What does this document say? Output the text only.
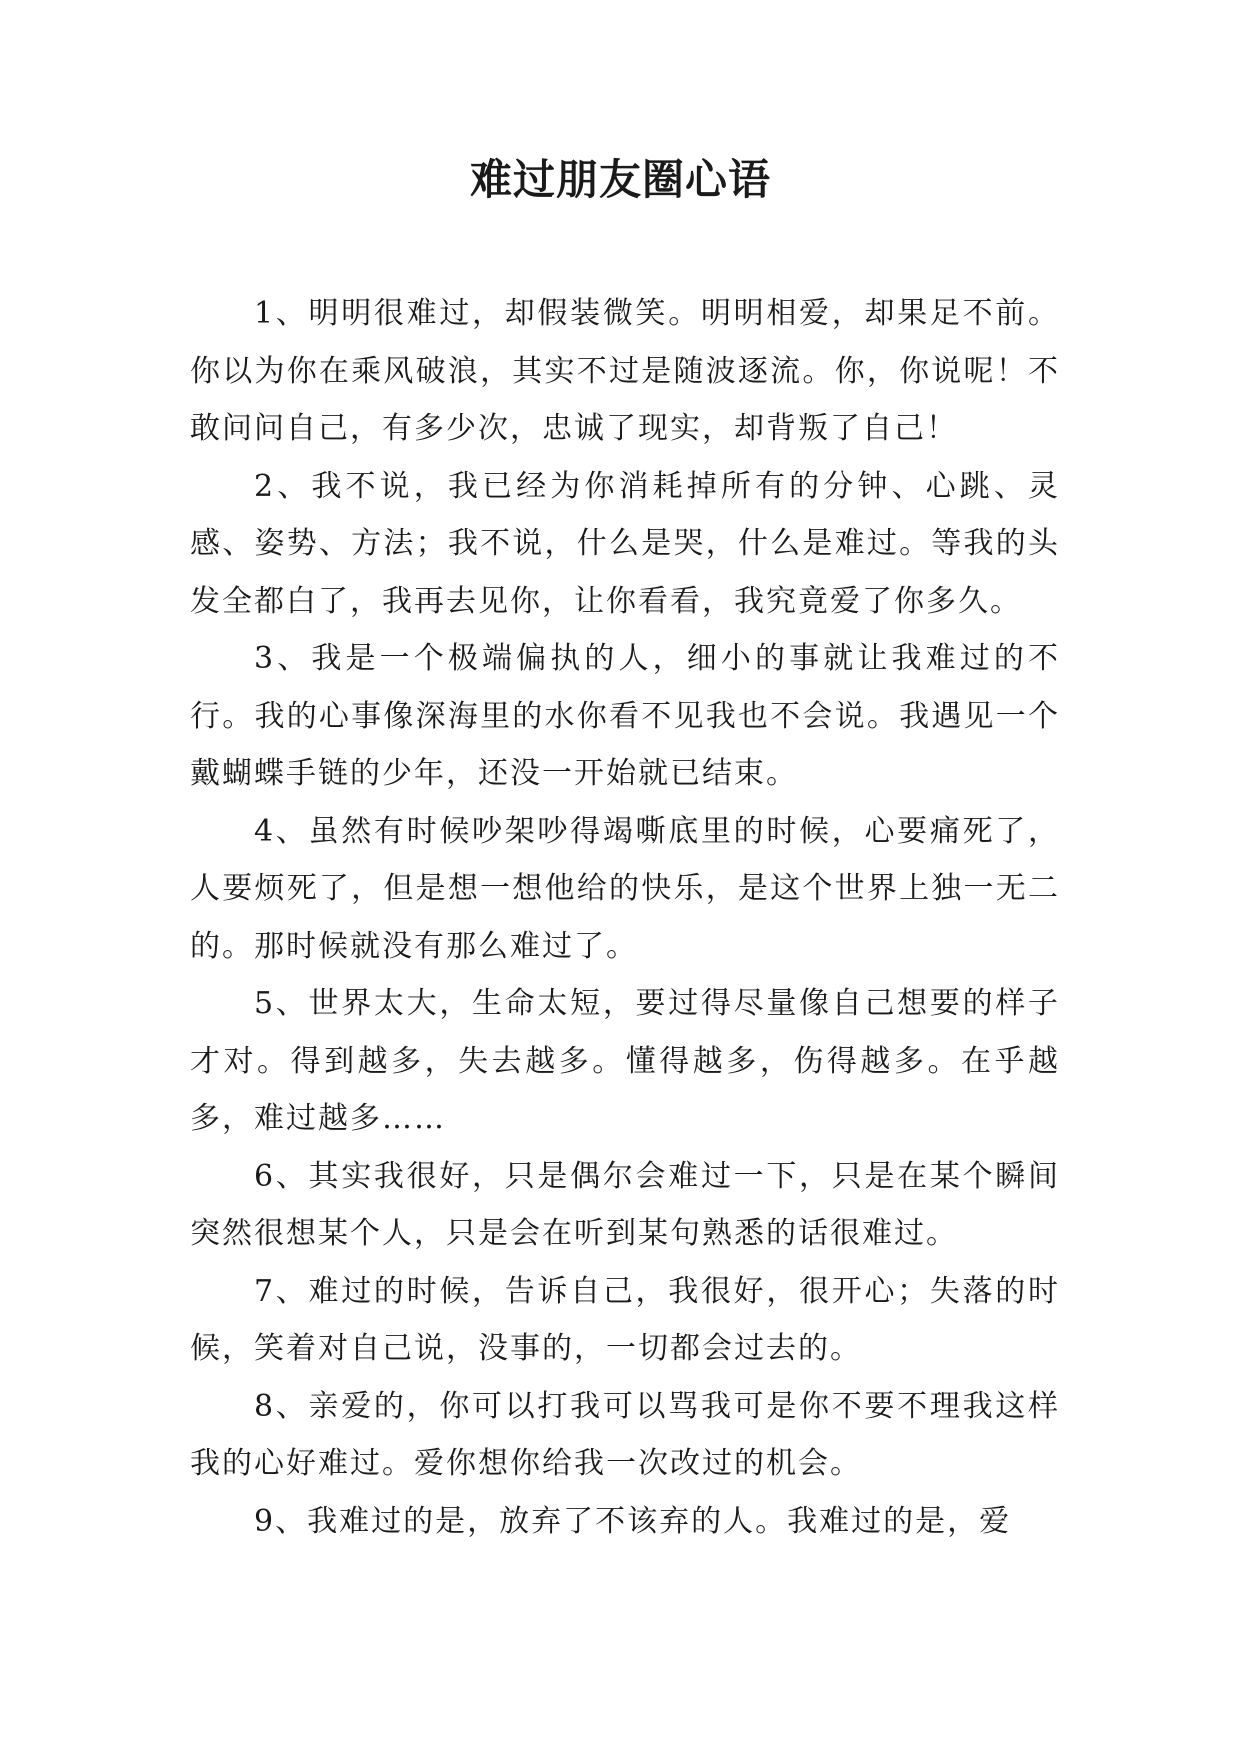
难过朋友圈心语

1、明明很难过，却假装微笑。明明相爱，却果足不前。你以为你在乘风破浪，其实不过是随波逐流。你，你说呢！不敢问问自己，有多少次，忠诚了现实，却背叛了自己！

2、我不说，我已经为你消耗掉所有的分钟、心跳、灵感、姿势、方法；我不说，什么是哭，什么是难过。等我的头发全都白了，我再去见你，让你看看，我究竟爱了你多久。

3、我是一个极端偏执的人，细小的事就让我难过的不行。我的心事像深海里的水你看不见我也不会说。我遇见一个戴蝴蝶手链的少年，还没一开始就已结束。

4、虽然有时候吵架吵得竭嘶底里的时候，心要痛死了，人要烦死了，但是想一想他给的快乐，是这个世界上独一无二的。那时候就没有那么难过了。

5、世界太大，生命太短，要过得尽量像自己想要的样子才对。得到越多，失去越多。懂得越多，伤得越多。在乎越多，难过越多……

6、其实我很好，只是偶尔会难过一下，只是在某个瞬间突然很想某个人，只是会在听到某句熟悉的话很难过。

7、难过的时候，告诉自己，我很好，很开心；失落的时候，笑着对自己说，没事的，一切都会过去的。

8、亲爱的，你可以打我可以骂我可是你不要不理我这样我的心好难过。爱你想你给我一次改过的机会。

9、我难过的是，放弃了不该弃的人。我难过的是，爱
